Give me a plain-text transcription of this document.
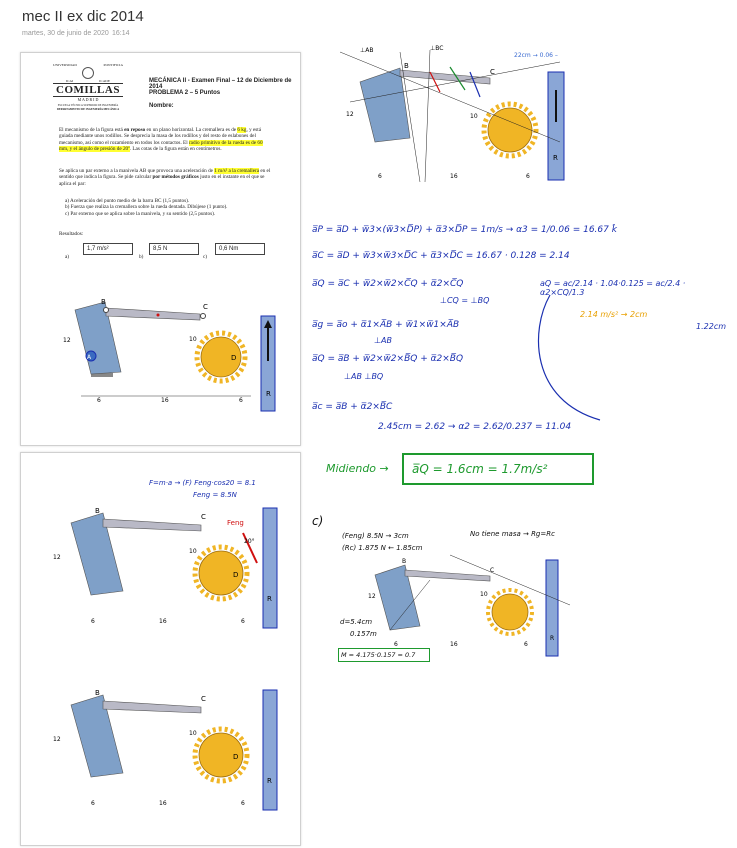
mec II ex dic 2014
martes, 30 de junio de 2020 16:14
UNIVERSIDAD	PONTIFICIA
ICAI	ICADE
COMILLAS
M A D R I D
ESCUELA TÉCNICA SUPERIOR DE INGENIERÍA
DEPARTAMENTO DE INGENIERÍA MECÁNICA
MECÁNICA II - Examen Final – 12 de Diciembre de 2014
PROBLEMA 2 – 5 Puntos
Nombre:
El mecanismo de la figura está en reposo en un plano horizontal. La cremallera es de 6 kg, y está guiada mediante unos rodillos. Se desprecia la masa de los rodillos y del resto de eslabones del mecanismo, así como el rozamiento en todos los contactos. El radio primitivo de la rueda es de 60 mm, y el ángulo de presión de 20º. Las cotas de la figura están en centímetros.
Se aplica un par externo a la manivela AB que provoca una aceleración de 1 m/s² a la cremallera en el sentido que indica la figura. Se pide calcular por métodos gráficos justo en el instante en el que se aplica el par:
a) Aceleración del punto medio de la barra BC (1,5 puntos).
b) Fuerza que realiza la cremallera sobre la rueda dentada. Dibújese (1 punto).
c) Par externo que se aplica sobre la manivela, y su sentido (2,5 puntos).
Resultados:
a)
1,7 m/s²
b)
8,5 N
c)
0,6 Nm
B
C
D
R
A
12	10
6	16	6
Feng
20°
B
C
D
R
12
10
6	16	6
F=m·a → (F) Feng·cos20 = 8.1
Feng = 8.5N
B
C
D
R
12
10
6	16	6
⊥AB	⊥BC
22cm → 0.06 –
B
C
R
12	10
6	16	6
a̅P = a̅D + w̅3×(w̅3×D̅P) + α̅3×D̅P = 1m/s → α3 = 1/0.06 = 16.67 k̂
a̅C = a̅D + w̅3×w̅3×D̅C + α̅3×D̅C = 16.67 · 0.128 = 2.14
a̅Q = a̅C + w̅2×w̅2×C̅Q + α̅2×C̅Q
⊥CQ = ⊥BQ
aQ = ac/2.14 · 1.04·0.125 = ac/2.4 · α2×CQ/1.3
2.14 m/s² → 2cm
1.22cm
a̅g = a̅o + α̅1×A̅B + w̅1×w̅1×A̅B
⊥AB
a̅Q = a̅B + w̅2×w̅2×B̅Q + α̅2×B̅Q
⊥AB ⊥BQ
a̅c = a̅B + α̅2×B̅C
2.45cm = 2.62 → α2 = 2.62/0.237 = 11.04
Midiendo →	a̅Q = 1.6cm = 1.7m/s²
c)
(Feng) 8.5N → 3cm
(Rc) 1.875 N ← 1.85cm
No tiene masa → Rg=Rc
B
C
R
12	10
6	16	6
d=5.4cm
0.157m
M = 4.175·0.157 = 0.7
